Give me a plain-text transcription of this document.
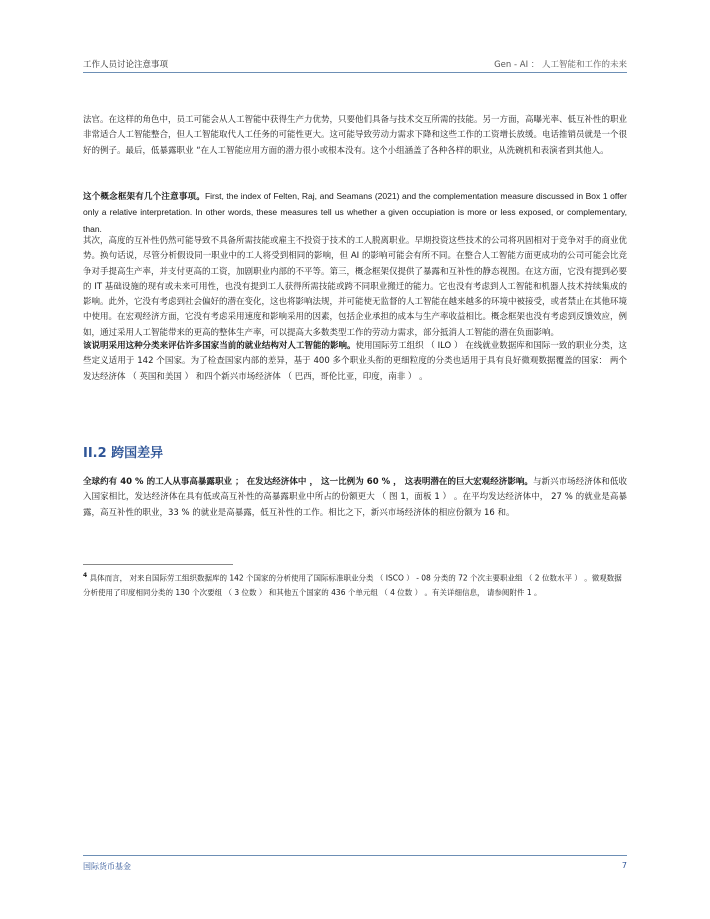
工作人员讨论注意事项	Gen - AI ： 人工智能和工作的未来

法官。在这样的角色中，员工可能会从人工智能中获得生产力优势，只要他们具备与技术交互所需的技能。另一方面，高曝光率、低互补性的职业非常适合人工智能整合，但人工智能取代人工任务的可能性更大。这可能导致劳动力需求下降和这些工作的工资增长放缓。电话推销员就是一个很好的例子。最后，低暴露职业 “在人工智能应用方面的潜力很小或根本没有。这个小组涵盖了各种各样的职业，从洗碗机和表演者到其他人。

这个概念框架有几个注意事项。First, the index of Felten, Raj, and Seamans (2021) and the complementation measure discussed in Box 1 offer only a relative interpretation. In other words, these measures tell us whether a given occupiation is more or less exposed, or complementary, than.

其次，高度的互补性仍然可能导致不具备所需技能或雇主不投资于技术的工人脱离职业。早期投资这些技术的公司将巩固相对于竞争对手的商业优势。换句话说，尽管分析假设同一职业中的工人将受到相同的影响，但 AI 的影响可能会有所不同。在整合人工智能方面更成功的公司可能会比竞争对手提高生产率，并支付更高的工资，加剧职业内部的不平等。第三，概念框架仅提供了暴露和互补性的静态视图。在这方面，它没有提到必要的 IT 基础设施的现有或未来可用性，也没有提到工人获得所需技能或跨不同职业搬迁的能力。它也没有考虑到人工智能和机器人技术持续集成的影响。此外，它没有考虑到社会偏好的潜在变化，这也将影响法规，并可能使无监督的人工智能在越来越多的环境中被接受，或者禁止在其他环境中使用。在宏观经济方面，它没有考虑采用速度和影响采用的因素，包括企业承担的成本与生产率收益相比。概念框架也没有考虑到反馈效应，例如，通过采用人工智能带来的更高的整体生产率，可以提高大多数类型工作的劳动力需求，部分抵消人工智能的潜在负面影响。

该说明采用这种分类来评估许多国家当前的就业结构对人工智能的影响。使用国际劳工组织 （ ILO ） 在线就业数据库和国际一致的职业分类，这些定义适用于 142 个国家。为了检查国家内部的差异，基于 400 多个职业头衔的更细粒度的分类也适用于具有良好微观数据覆盖的国家： 两个发达经济体 （ 英国和美国 ） 和四个新兴市场经济体 （ 巴西，哥伦比亚，印度，南非 ） 。

II.2 跨国差异

全球约有 40 % 的工人从事高暴露职业 ； 在发达经济体中 ， 这一比例为 60 % ， 这表明潜在的巨大宏观经济影响。与新兴市场经济体和低收入国家相比，发达经济体在具有低或高互补性的高暴露职业中所占的份额更大 （ 图 1，面板 1 ） 。在平均发达经济体中， 27 % 的就业是高暴露，高互补性的职业，33 % 的就业是高暴露，低互补性的工作。相比之下，新兴市场经济体的相应份额为 16 和。

$^4$ 具体而言， 对来自国际劳工组织数据库的 142 个国家的分析使用了国际标准职业分类 （ ISCO ） - 08 分类的 72 个次主要职业组 （ 2 位数水平 ） 。微观数据分析使用了印度相同分类的 130 个次要组 （ 3 位数 ） 和其他五个国家的 436 个单元组 （ 4 位数 ） 。有关详细信息， 请参阅附件 1 。

国际货币基金	7
